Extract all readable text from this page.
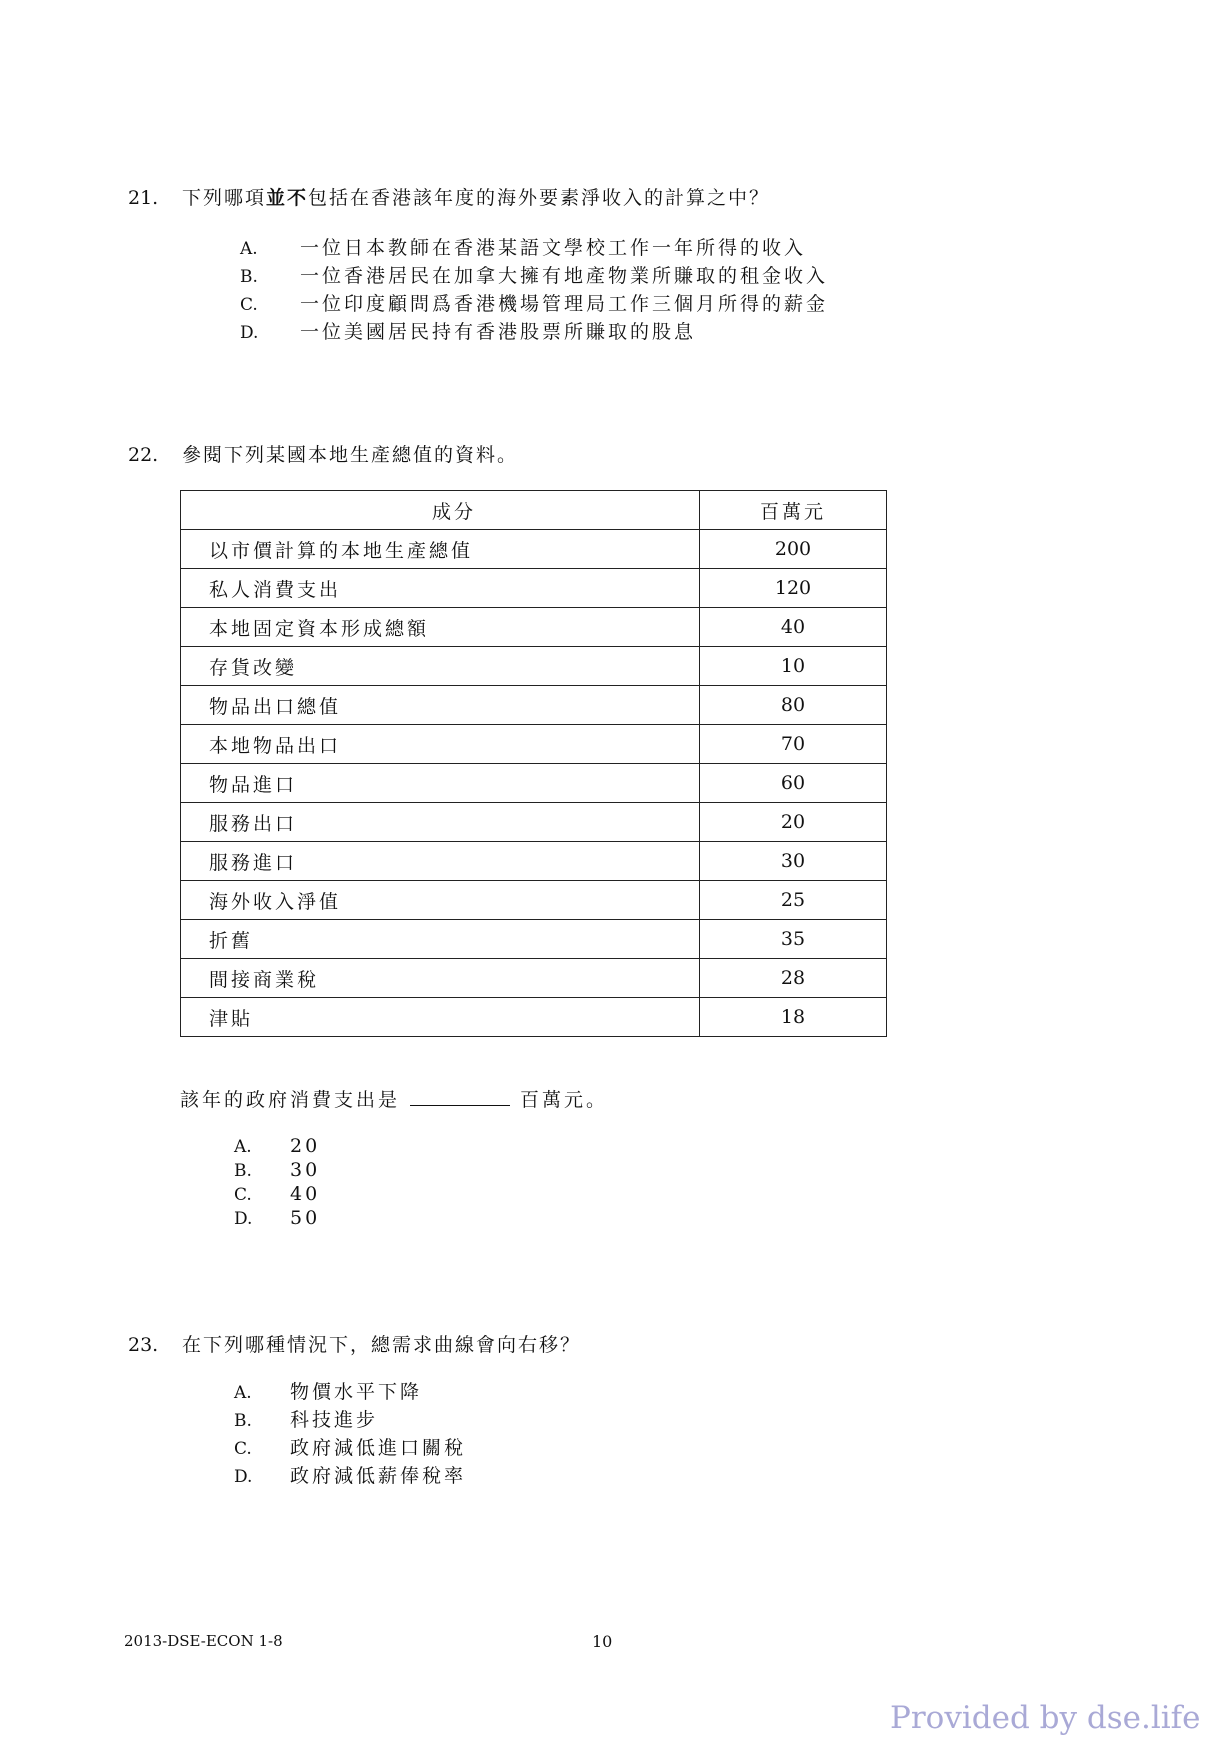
21. 下列哪項並不包括在香港該年度的海外要素淨收入的計算之中？
A. 一位日本教師在香港某語文學校工作一年所得的收入
B. 一位香港居民在加拿大擁有地產物業所賺取的租金收入
C. 一位印度顧問爲香港機場管理局工作三個月所得的薪金
D. 一位美國居民持有香港股票所賺取的股息
22. 參閱下列某國本地生產總值的資料。
成分	百萬元
以市價計算的本地生產總值	200
私人消費支出	120
本地固定資本形成總額	40
存貨改變	10
物品出口總值	80
本地物品出口	70
物品進口	60
服務出口	20
服務進口	30
海外收入淨值	25
折舊	35
間接商業稅	28
津貼	18
該年的政府消費支出是	百萬元。
A. 20
B. 30
C. 40
D. 50
23. 在下列哪種情況下，總需求曲線會向右移？
A. 物價水平下降
B. 科技進步
C. 政府減低進口關稅
D. 政府減低薪俸稅率
2013-DSE-ECON 1-8	10
Provided by dse.life
